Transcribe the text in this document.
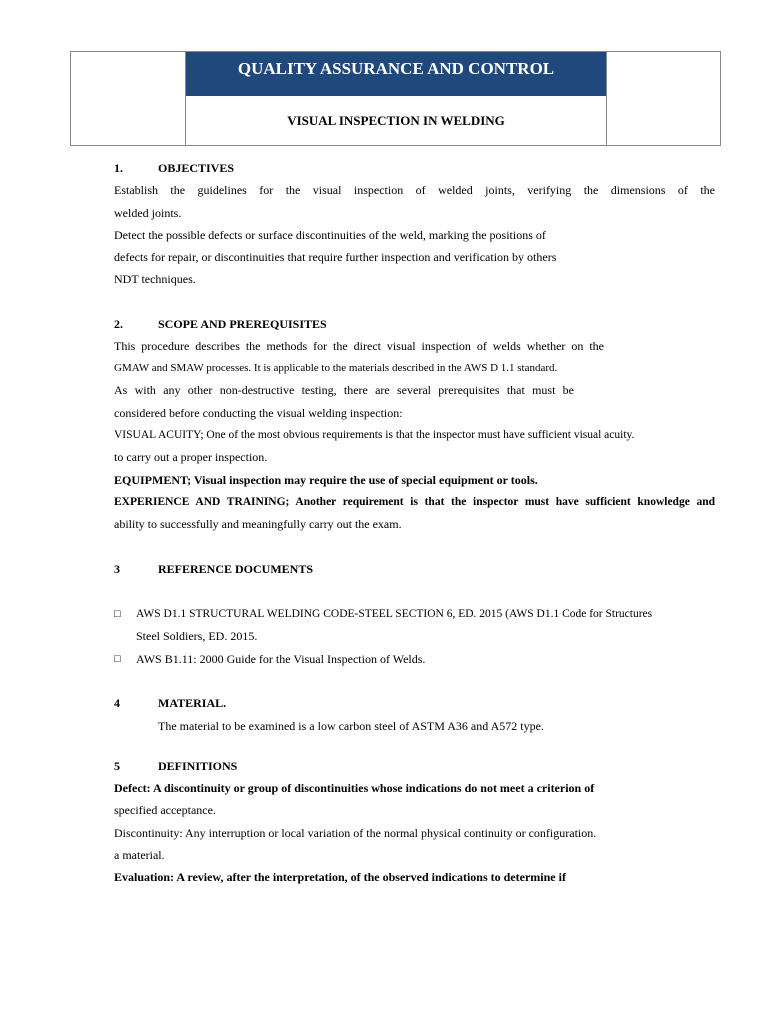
QUALITY ASSURANCE AND CONTROL
VISUAL INSPECTION IN WELDING
1.	OBJECTIVES
Establish the guidelines for the visual inspection of welded joints, verifying the dimensions of the
welded joints.
Detect the possible defects or surface discontinuities of the weld, marking the positions of
defects for repair, or discontinuities that require further inspection and verification by others
NDT techniques.
2.	SCOPE AND PREREQUISITES
This procedure describes the methods for the direct visual inspection of welds whether on the
GMAW and SMAW processes. It is applicable to the materials described in the AWS D 1.1 standard.
As with any other non-destructive testing, there are several prerequisites that must be
considered before conducting the visual welding inspection:
VISUAL ACUITY; One of the most obvious requirements is that the inspector must have sufficient visual acuity.
to carry out a proper inspection.
EQUIPMENT; Visual inspection may require the use of special equipment or tools.
EXPERIENCE AND TRAINING; Another requirement is that the inspector must have sufficient knowledge and
ability to successfully and meaningfully carry out the exam.
3	REFERENCE DOCUMENTS
□ AWS D1.1 STRUCTURAL WELDING CODE-STEEL SECTION 6, ED. 2015 (AWS D1.1 Code for Structures
Steel Soldiers, ED. 2015.
□ AWS B1.11: 2000 Guide for the Visual Inspection of Welds.
4	MATERIAL.
The material to be examined is a low carbon steel of ASTM A36 and A572 type.
5	DEFINITIONS
Defect: A discontinuity or group of discontinuities whose indications do not meet a criterion of
specified acceptance.
Discontinuity: Any interruption or local variation of the normal physical continuity or configuration.
a material.
Evaluation: A review, after the interpretation, of the observed indications to determine if
